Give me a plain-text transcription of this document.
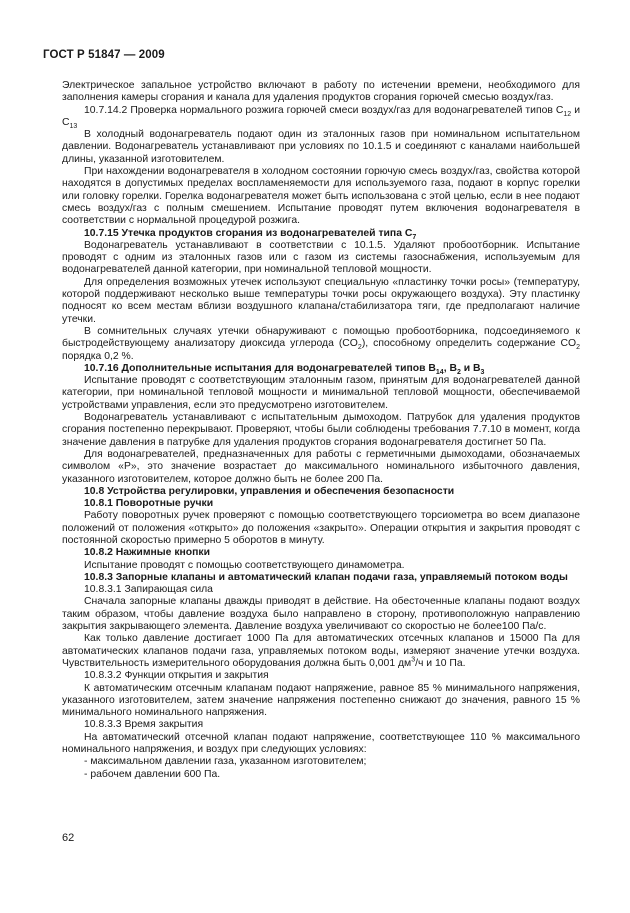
ГОСТ Р 51847 — 2009

Электрическое запальное устройство включают в работу по истечении времени, необходимого для заполнения камеры сгорания и канала для удаления продуктов сгорания горючей смесью воздух/газ.

10.7.14.2 Проверка нормального розжига горючей смеси воздух/газ для водонагревателей типов $C_{12}$ и $C_{13}$

В холодный водонагреватель подают один из эталонных газов при номинальном испытательном давлении. Водонагреватель устанавливают при условиях по 10.1.5 и соединяют с каналами наибольшей длины, указанной изготовителем.

При нахождении водонагревателя в холодном состоянии горючую смесь воздух/газ, свойства которой находятся в допустимых пределах воспламеняемости для используемого газа, подают в корпус горелки или головку горелки. Горелка водонагревателя может быть использована с этой целью, если в нее подают смесь воздух/газ с полным смешением. Испытание проводят путем включения водонагревателя в соответствии с нормальной процедурой розжига.

10.7.15 Утечка продуктов сгорания из водонагревателей типа $C_7$

Водонагреватель устанавливают в соответствии с 10.1.5. Удаляют пробоотборник. Испытание проводят с одним из эталонных газов или с газом из системы газоснабжения, используемым для водонагревателей данной категории, при номинальной тепловой мощности.

Для определения возможных утечек используют специальную «пластинку точки росы» (температуру, которой поддерживают несколько выше температуры точки росы окружающего воздуха). Эту пластинку подносят ко всем местам вблизи воздушного клапана/стабилизатора тяги, где предполагают наличие утечки.

В сомнительных случаях утечки обнаруживают с помощью пробоотборника, подсоединяемого к быстродействующему анализатору диоксида углерода $(CO_2)$, способному определить содержание $CO_2$ порядка 0,2 %.

10.7.16 Дополнительные испытания для водонагревателей типов $B_{14}$, $B_2$ и $B_3$

Испытание проводят с соответствующим эталонным газом, принятым для водонагревателей данной категории, при номинальной тепловой мощности и минимальной тепловой мощности, обеспечиваемой устройствами управления, если это предусмотрено изготовителем.

Водонагреватель устанавливают с испытательным дымоходом. Патрубок для удаления продуктов сгорания постепенно перекрывают. Проверяют, чтобы были соблюдены требования 7.7.10 в момент, когда значение давления в патрубке для удаления продуктов сгорания водонагревателя достигнет 50 Па.

Для водонагревателей, предназначенных для работы с герметичными дымоходами, обозначаемых символом «P», это значение возрастает до максимального номинального избыточного давления, указанного изготовителем, которое должно быть не более 200 Па.

10.8 Устройства регулировки, управления и обеспечения безопасности

10.8.1 Поворотные ручки

Работу поворотных ручек проверяют с помощью соответствующего торсиометра во всем диапазоне положений от положения «открыто» до положения «закрыто». Операции открытия и закрытия проводят с постоянной скоростью примерно 5 оборотов в минуту.

10.8.2 Нажимные кнопки

Испытание проводят с помощью соответствующего динамометра.

10.8.3 Запорные клапаны и автоматический клапан подачи газа, управляемый потоком воды

10.8.3.1 Запирающая сила

Сначала запорные клапаны дважды приводят в действие. На обесточенные клапаны подают воздух таким образом, чтобы давление воздуха было направлено в сторону, противоположную направлению закрытия закрывающего элемента. Давление воздуха увеличивают со скоростью не более100 Па/с.

Как только давление достигает 1000 Па для автоматических отсечных клапанов и 15000 Па для автоматических клапанов подачи газа, управляемых потоком воды, измеряют значение утечки воздуха. Чувствительность измерительного оборудования должна быть 0,001 $дм^3/ч$ и 10 Па.

10.8.3.2 Функции открытия и закрытия

К автоматическим отсечным клапанам подают напряжение, равное 85 % минимального напряжения, указанного изготовителем, затем значение напряжения постепенно снижают до значения, равного 15 % минимального номинального напряжения.

10.8.3.3 Время закрытия

На автоматический отсечной клапан подают напряжение, соответствующее 110 % максимального номинального напряжения, и воздух при следующих условиях:

- максимальном давлении газа, указанном изготовителем;

- рабочем давлении 600 Па.

62
